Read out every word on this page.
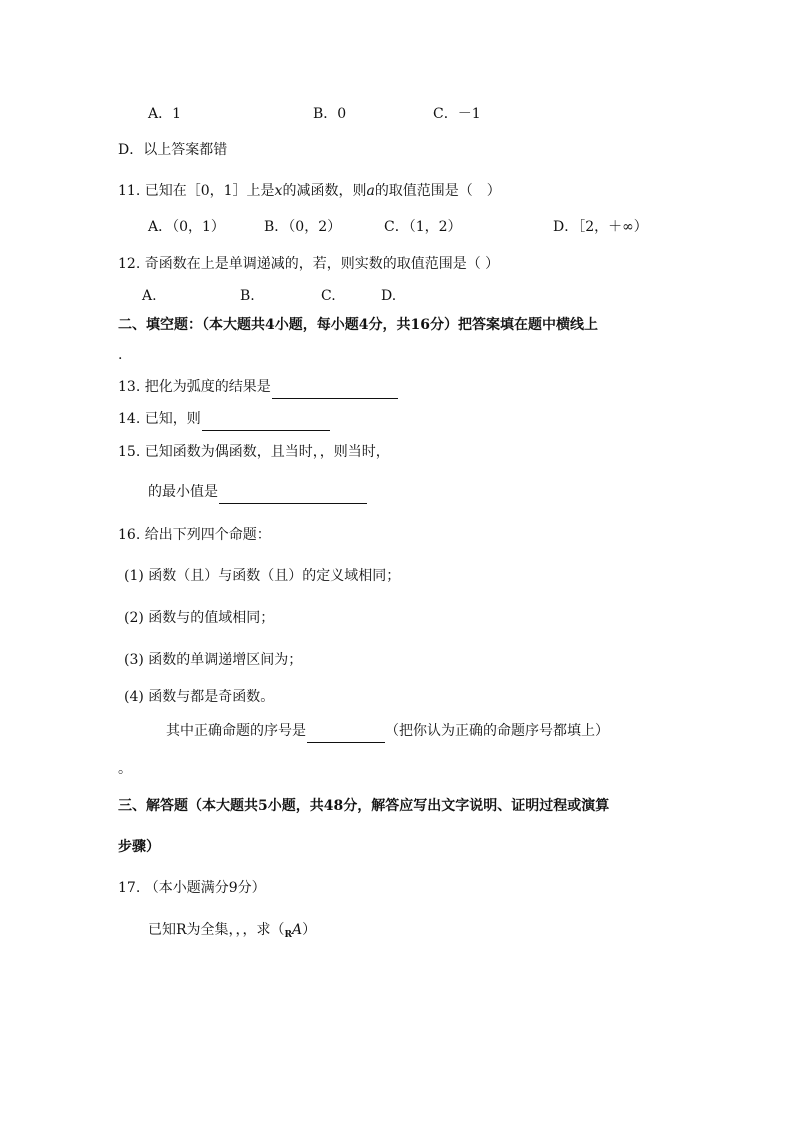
A．1	B．0	C．－1
D．以上答案都错
11. 已知在［0，1］上是x的减函数，则a的取值范围是（　）
A．（0，1）	B．（0，2）	C．（1，2）	D．［2，＋∞）
12. 奇函数在上是单调递减的，若，则实数的取值范围是（ ）
A.	B.	C.	D.
二、填空题：（本大题共4小题，每小题4分，共16分）把答案填在题中横线上
.
13. 把化为弧度的结果是
14. 已知，则
15. 已知函数为偶函数，且当时，，则当时，
的最小值是
16. 给出下列四个命题：
(1) 函数（且）与函数（且）的定义域相同；
(2) 函数与的值域相同；
(3) 函数的单调递增区间为；
(4) 函数与都是奇函数。
其中正确命题的序号是	（把你认为正确的命题序号都填上）
。
三、解答题（本大题共5小题，共48分，解答应写出文字说明、证明过程或演算
步骤）
17. （本小题满分9分）
已知R为全集，，，求$(_RA)$
